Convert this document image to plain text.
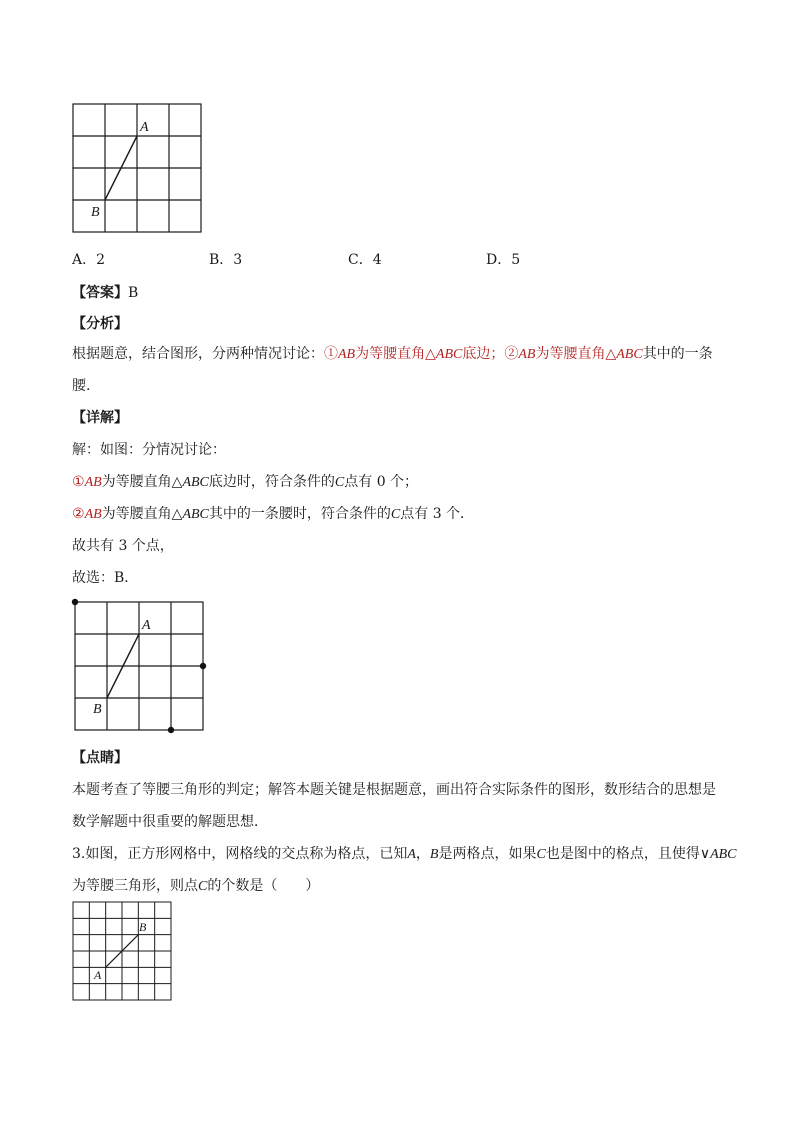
A
B
A．2	B．3	C．4	D．5
【答案】B
【分析】
根据题意，结合图形，分两种情况讨论：①AB为等腰直角△ABC底边；②AB为等腰直角△ABC其中的一条
腰.
【详解】
解：如图：分情况讨论：
①AB为等腰直角△ABC底边时，符合条件的C点有 0 个；
②AB为等腰直角△ABC其中的一条腰时，符合条件的C点有 3 个．
故共有 3 个点，
故选：B．
A
B
【点睛】
本题考查了等腰三角形的判定；解答本题关键是根据题意，画出符合实际条件的图形，数形结合的思想是
数学解题中很重要的解题思想．
3.如图，正方形网格中，网格线的交点称为格点，已知A，B是两格点，如果C也是图中的格点，且使得∨ABC
为等腰三角形，则点C的个数是（　　）
B
A
